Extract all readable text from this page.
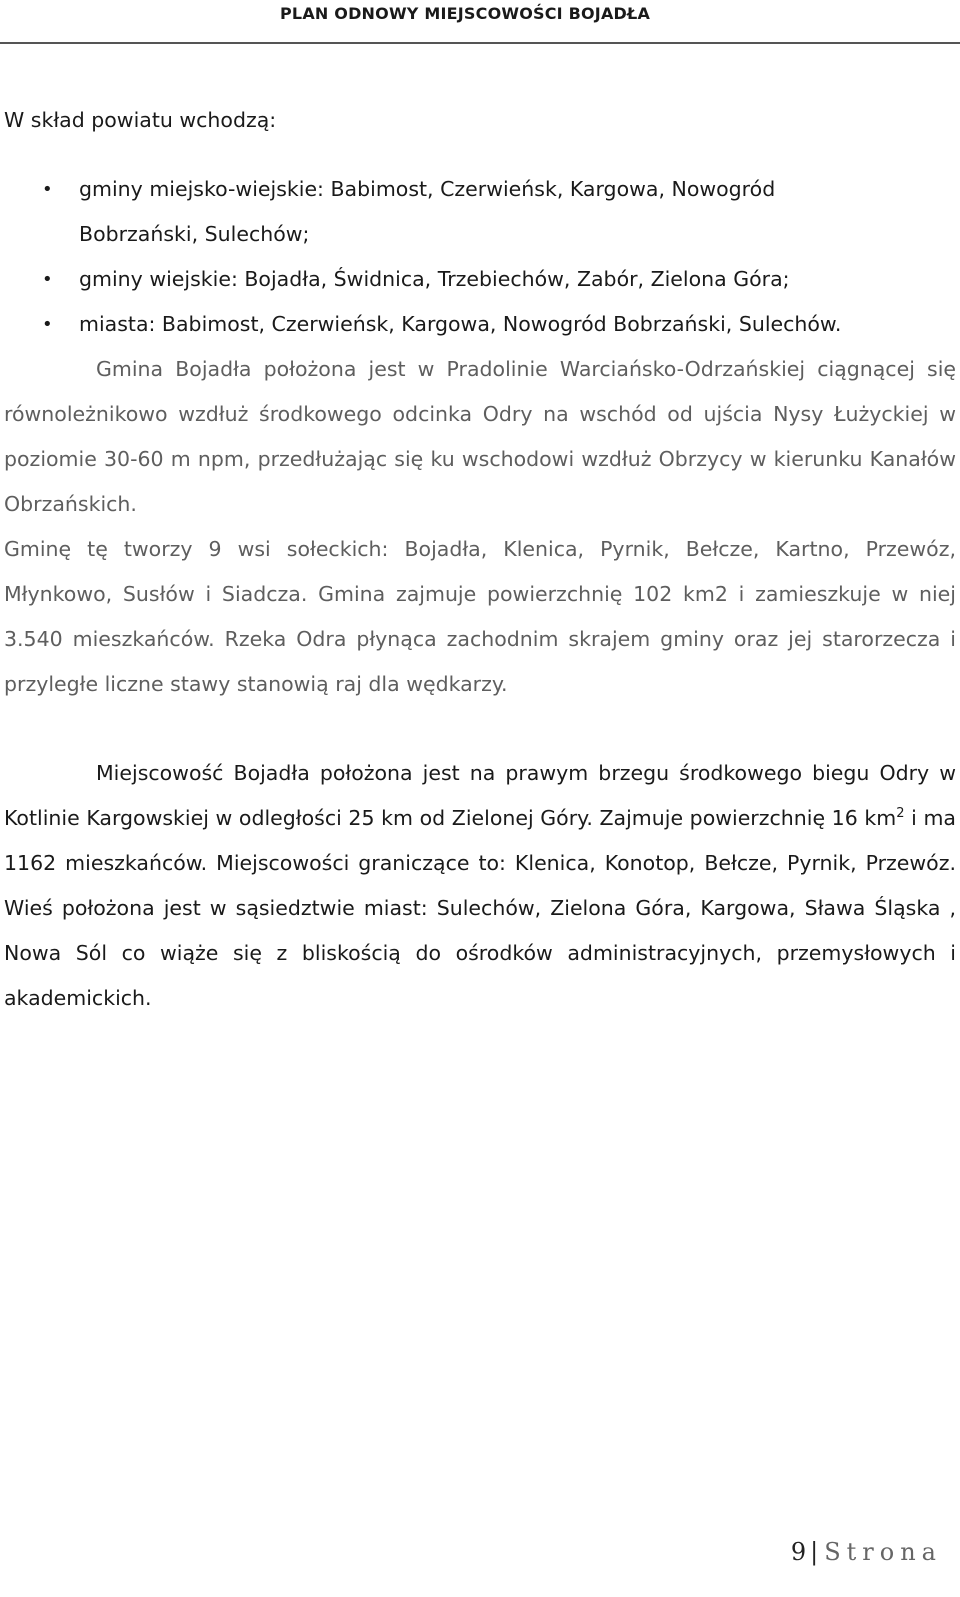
PLAN ODNOWY MIEJSCOWOŚCI BOJADŁA

W skład powiatu wchodzą:

• gminy miejsko-wiejskie: Babimost, Czerwieńsk, Kargowa, Nowogród Bobrzański, Sulechów;
• gminy wiejskie: Bojadła, Świdnica, Trzebiechów, Zabór, Zielona Góra;
• miasta: Babimost, Czerwieńsk, Kargowa, Nowogród Bobrzański, Sulechów.

Gmina Bojadła położona jest w Pradolinie Warciańsko-Odrzańskiej ciągnącej się równoleżnikowo wzdłuż środkowego odcinka Odry na wschód od ujścia Nysy Łużyckiej w poziomie 30-60 m npm, przedłużając się ku wschodowi wzdłuż Obrzycy w kierunku Kanałów Obrzańskich.

Gminę tę tworzy 9 wsi sołeckich: Bojadła, Klenica, Pyrnik, Bełcze, Kartno, Przewóz, Młynkowo, Susłów i Siadcza. Gmina zajmuje powierzchnię 102 km2 i zamieszkuje w niej 3.540 mieszkańców. Rzeka Odra płynąca zachodnim skrajem gminy oraz jej starorzecza i przyległe liczne stawy stanowią raj dla wędkarzy.

Miejscowość Bojadła położona jest na prawym brzegu środkowego biegu Odry w Kotlinie Kargowskiej w odległości 25 km od Zielonej Góry. Zajmuje powierzchnię 16 $km^2$ i ma 1162 mieszkańców. Miejscowości graniczące to: Klenica, Konotop, Bełcze, Pyrnik, Przewóz. Wieś położona jest w sąsiedztwie miast: Sulechów, Zielona Góra, Kargowa, Sława Śląska , Nowa Sól co wiąże się z bliskością do ośrodków administracyjnych, przemysłowych i akademickich.

9 | Strona
